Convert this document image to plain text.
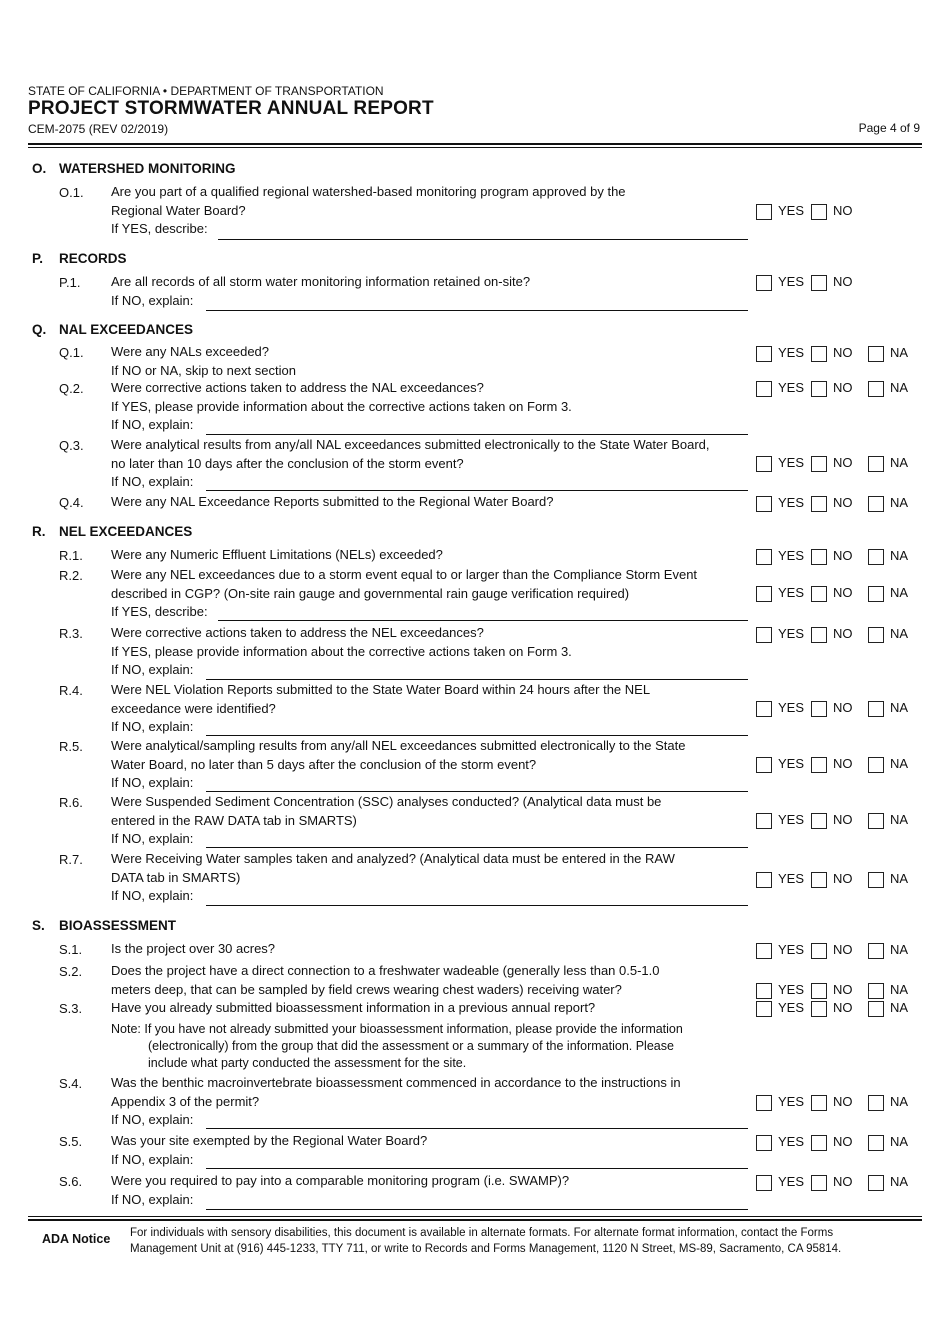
STATE OF CALIFORNIA • DEPARTMENT OF TRANSPORTATION
PROJECT STORMWATER ANNUAL REPORT
CEM-2075 (REV 02/2019)	Page 4 of 9
O. WATERSHED MONITORING
O.1. Are you part of a qualified regional watershed-based monitoring program approved by the
Regional Water Board?
If YES, describe:
YES NO
P. RECORDS
P.1. Are all records of all storm water monitoring information retained on-site?
If NO, explain:
YES NO
Q. NAL EXCEEDANCES
Q.1. Were any NALs exceeded?
If NO or NA, skip to next section
YES NO	NA
Q.2. Were corrective actions taken to address the NAL exceedances?
If YES, please provide information about the corrective actions taken on Form 3.
If NO, explain:
YES NO	NA
Q.3. Were analytical results from any/all NAL exceedances submitted electronically to the State Water Board,
no later than 10 days after the conclusion of the storm event?
If NO, explain:
YES NO	NA
Q.4. Were any NAL Exceedance Reports submitted to the Regional Water Board?	YES NO	NA
R. NEL EXCEEDANCES
R.1. Were any Numeric Effluent Limitations (NELs) exceeded?	YES NO	NA
R.2. Were any NEL exceedances due to a storm event equal to or larger than the Compliance Storm Event
described in CGP? (On-site rain gauge and governmental rain gauge verification required)
If YES, describe:
YES NO	NA
R.3. Were corrective actions taken to address the NEL exceedances?
If YES, please provide information about the corrective actions taken on Form 3.
If NO, explain:
YES NO	NA
R.4. Were NEL Violation Reports submitted to the State Water Board within 24 hours after the NEL
exceedance were identified?
If NO, explain:
YES NO	NA
R.5. Were analytical/sampling results from any/all NEL exceedances submitted electronically to the State
Water Board, no later than 5 days after the conclusion of the storm event?
If NO, explain:
YES NO	NA
R.6. Were Suspended Sediment Concentration (SSC) analyses conducted? (Analytical data must be
entered in the RAW DATA tab in SMARTS)
If NO, explain:
YES NO	NA
R.7. Were Receiving Water samples taken and analyzed? (Analytical data must be entered in the RAW
DATA tab in SMARTS)
If NO, explain:
YES NO	NA
S. BIOASSESSMENT
S.1. Is the project over 30 acres?	YES NO	NA
S.2. Does the project have a direct connection to a freshwater wadeable (generally less than 0.5-1.0
meters deep, that can be sampled by field crews wearing chest waders) receiving water?	YES NO	NA
S.3. Have you already submitted bioassessment information in a previous annual report?	YES NO	NA
Note: If you have not already submitted your bioassessment information, please provide the information
(electronically) from the group that did the assessment or a summary of the information. Please
include what party conducted the assessment for the site.
S.4. Was the benthic macroinvertebrate bioassessment commenced in accordance to the instructions in
Appendix 3 of the permit?
If NO, explain:
YES NO	NA
S.5. Was your site exempted by the Regional Water Board?
If NO, explain:
YES NO	NA
S.6. Were you required to pay into a comparable monitoring program (i.e. SWAMP)?
If NO, explain:
YES NO	NA
ADA Notice For individuals with sensory disabilities, this document is available in alternate formats. For alternate format information, contact the Forms
Management Unit at (916) 445-1233, TTY 711, or write to Records and Forms Management, 1120 N Street, MS-89, Sacramento, CA 95814.
